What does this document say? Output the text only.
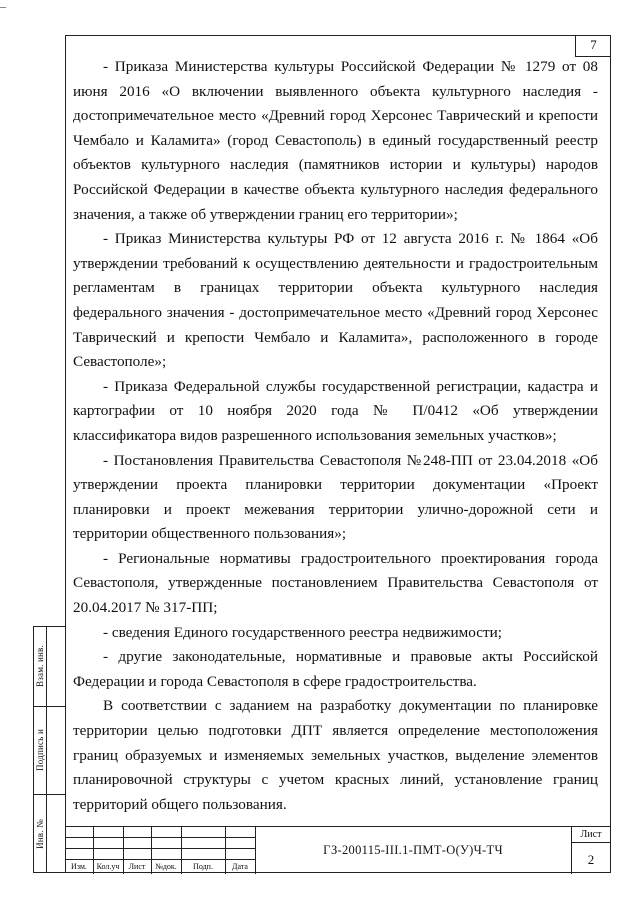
–
7

- Приказа Министерства культуры Российской Федерации № 1279 от 08 июня 2016 «О включении выявленного объекта культурного наследия - достопримечательное место «Древний город Херсонес Таврический и крепости Чембало и Каламита» (город Севастополь) в единый государственный реестр объектов культурного наследия (памятников истории и культуры) народов Российской Федерации в качестве объекта культурного наследия федерального значения, а также об утверждении границ его территории»;

- Приказ Министерства культуры РФ от 12 августа 2016 г. № 1864 «Об утверждении требований к осуществлению деятельности и градостроительным регламентам в границах территории объекта культурного наследия федерального значения - достопримечательное место «Древний город Херсонес Таврический и крепости Чембало и Каламита», расположенного в городе Севастополе»;

- Приказа Федеральной службы государственной регистрации, кадастра и картографии от 10 ноября 2020 года № П/0412 «Об утверждении классификатора видов разрешенного использования земельных участков»;

- Постановления Правительства Севастополя №248-ПП от 23.04.2018 «Об утверждении проекта планировки территории документации «Проект планировки и проект межевания территории улично-дорожной сети и территории общественного пользования»;

- Региональные нормативы градостроительного проектирования города Севастополя, утвержденные постановлением Правительства Севастополя от 20.04.2017 № 317-ПП;

- сведения Единого государственного реестра недвижимости;

- другие законодательные, нормативные и правовые акты Российской Федерации и города Севастополя в сфере градостроительства.

В соответствии с заданием на разработку документации по планировке территории целью подготовки ДПТ является определение местоположения границ образуемых и изменяемых земельных участков, выделение элементов планировочной структуры с учетом красных линий, установление границ территорий общего пользования.

Взам. инв.
Подпись и
Инв. №
Изм.	Кол.уч	Лист	№док.	Подп.	Дата
ГЗ-200115-III.1-ПМТ-О(У)Ч-ТЧ
Лист
2
